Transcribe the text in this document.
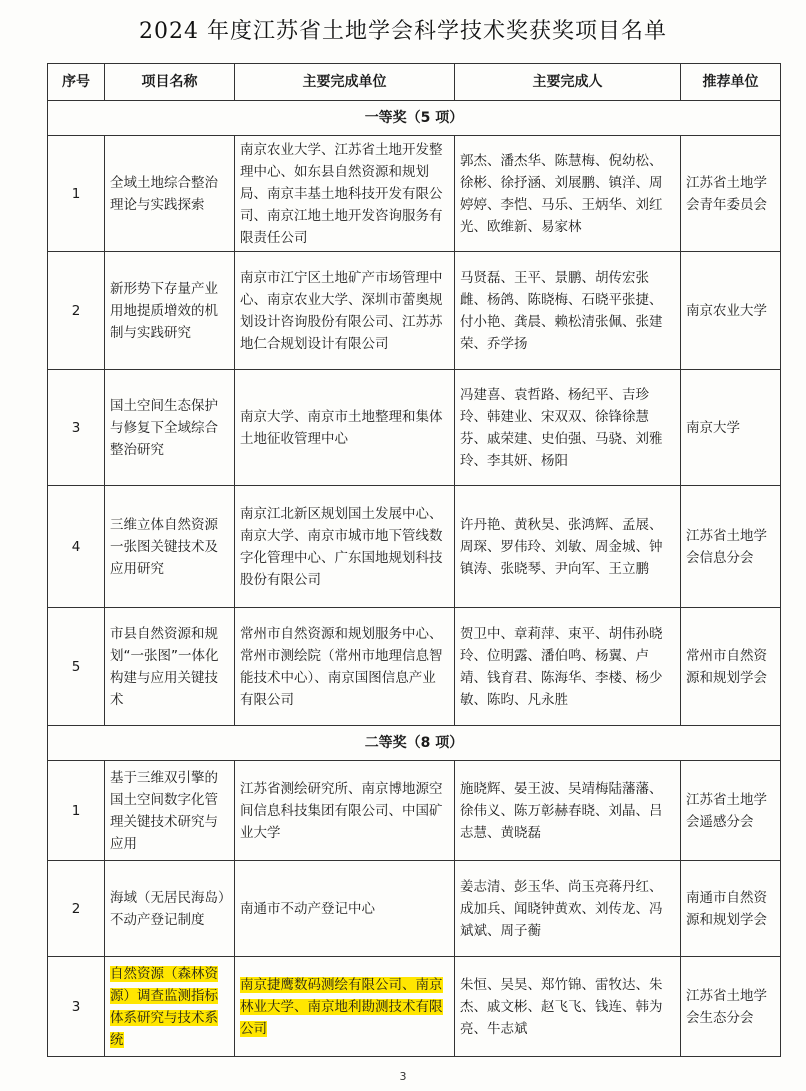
2024 年度江苏省土地学会科学技术奖获奖项目名单
序号	项目名称	主要完成单位	主要完成人	推荐单位
一等奖（5 项）				
1	全域土地综合整治理论与实践探索	南京农业大学、江苏省土地开发整理中心、如东县自然资源和规划局、南京丰基土地科技开发有限公司、南京江地土地开发咨询服务有限责任公司	郭杰、潘杰华、陈慧梅、倪幼松、徐彬、徐抒涵、刘展鹏、镇洋、周婷婷、李恺、马乐、王炳华、刘红光、欧维新、易家林	江苏省土地学会青年委员会
2	新形势下存量产业用地提质增效的机制与实践研究	南京市江宁区土地矿产市场管理中心、南京农业大学、深圳市蕾奥规划设计咨询股份有限公司、江苏苏地仁合规划设计有限公司	马贤磊、王平、景鹏、胡传宏张雌、杨鸽、陈晓梅、石晓平张捷、付小艳、龚晨、赖松清张佩、张建荣、乔学扬	南京农业大学
3	国土空间生态保护与修复下全域综合整治研究	南京大学、南京市土地整理和集体土地征收管理中心	冯建喜、袁哲路、杨纪平、吉珍玲、韩建业、宋双双、徐锋徐慧芬、戚荣建、史伯强、马骁、刘雅玲、李其妍、杨阳	南京大学
4	三维立体自然资源一张图关键技术及应用研究	南京江北新区规划国土发展中心、南京大学、南京市城市地下管线数字化管理中心、广东国地规划科技股份有限公司	许丹艳、黄秋昊、张鸿辉、孟展、周琛、罗伟玲、刘敏、周金城、钟镇涛、张晓琴、尹向军、王立鹏	江苏省土地学会信息分会
5	市县自然资源和规划“一张图”一体化构建与应用关键技术	常州市自然资源和规划服务中心、常州市测绘院（常州市地理信息智能技术中心）、南京国图信息产业有限公司	贺卫中、章莉萍、束平、胡伟孙晓玲、位明露、潘伯鸣、杨翼、卢靖、钱育君、陈海华、李楼、杨少敏、陈昀、凡永胜	常州市自然资源和规划学会
二等奖（8 项）				
1	基于三维双引擎的国土空间数字化管理关键技术研究与应用	江苏省测绘研究所、南京博地源空间信息科技集团有限公司、中国矿业大学	施晓辉、晏王波、吴靖梅陆藩藩、徐伟义、陈万彰赫春晓、刘晶、吕志慧、黄晓磊	江苏省土地学会遥感分会
2	海域（无居民海岛）不动产登记制度	南通市不动产登记中心	姜志清、彭玉华、尚玉亮蒋丹红、成加兵、闻晓钟黄欢、刘传龙、冯斌斌、周子蘅	南通市自然资源和规划学会
3	自然资源（森林资源）调查监测指标体系研究与技术系统	南京捷鹰数码测绘有限公司、南京林业大学、南京地利勘测技术有限公司	朱恒、吴昊、郑竹锦、雷牧达、朱杰、戚文彬、赵飞飞、钱连、韩为亮、牛志斌	江苏省土地学会生态分会
3
